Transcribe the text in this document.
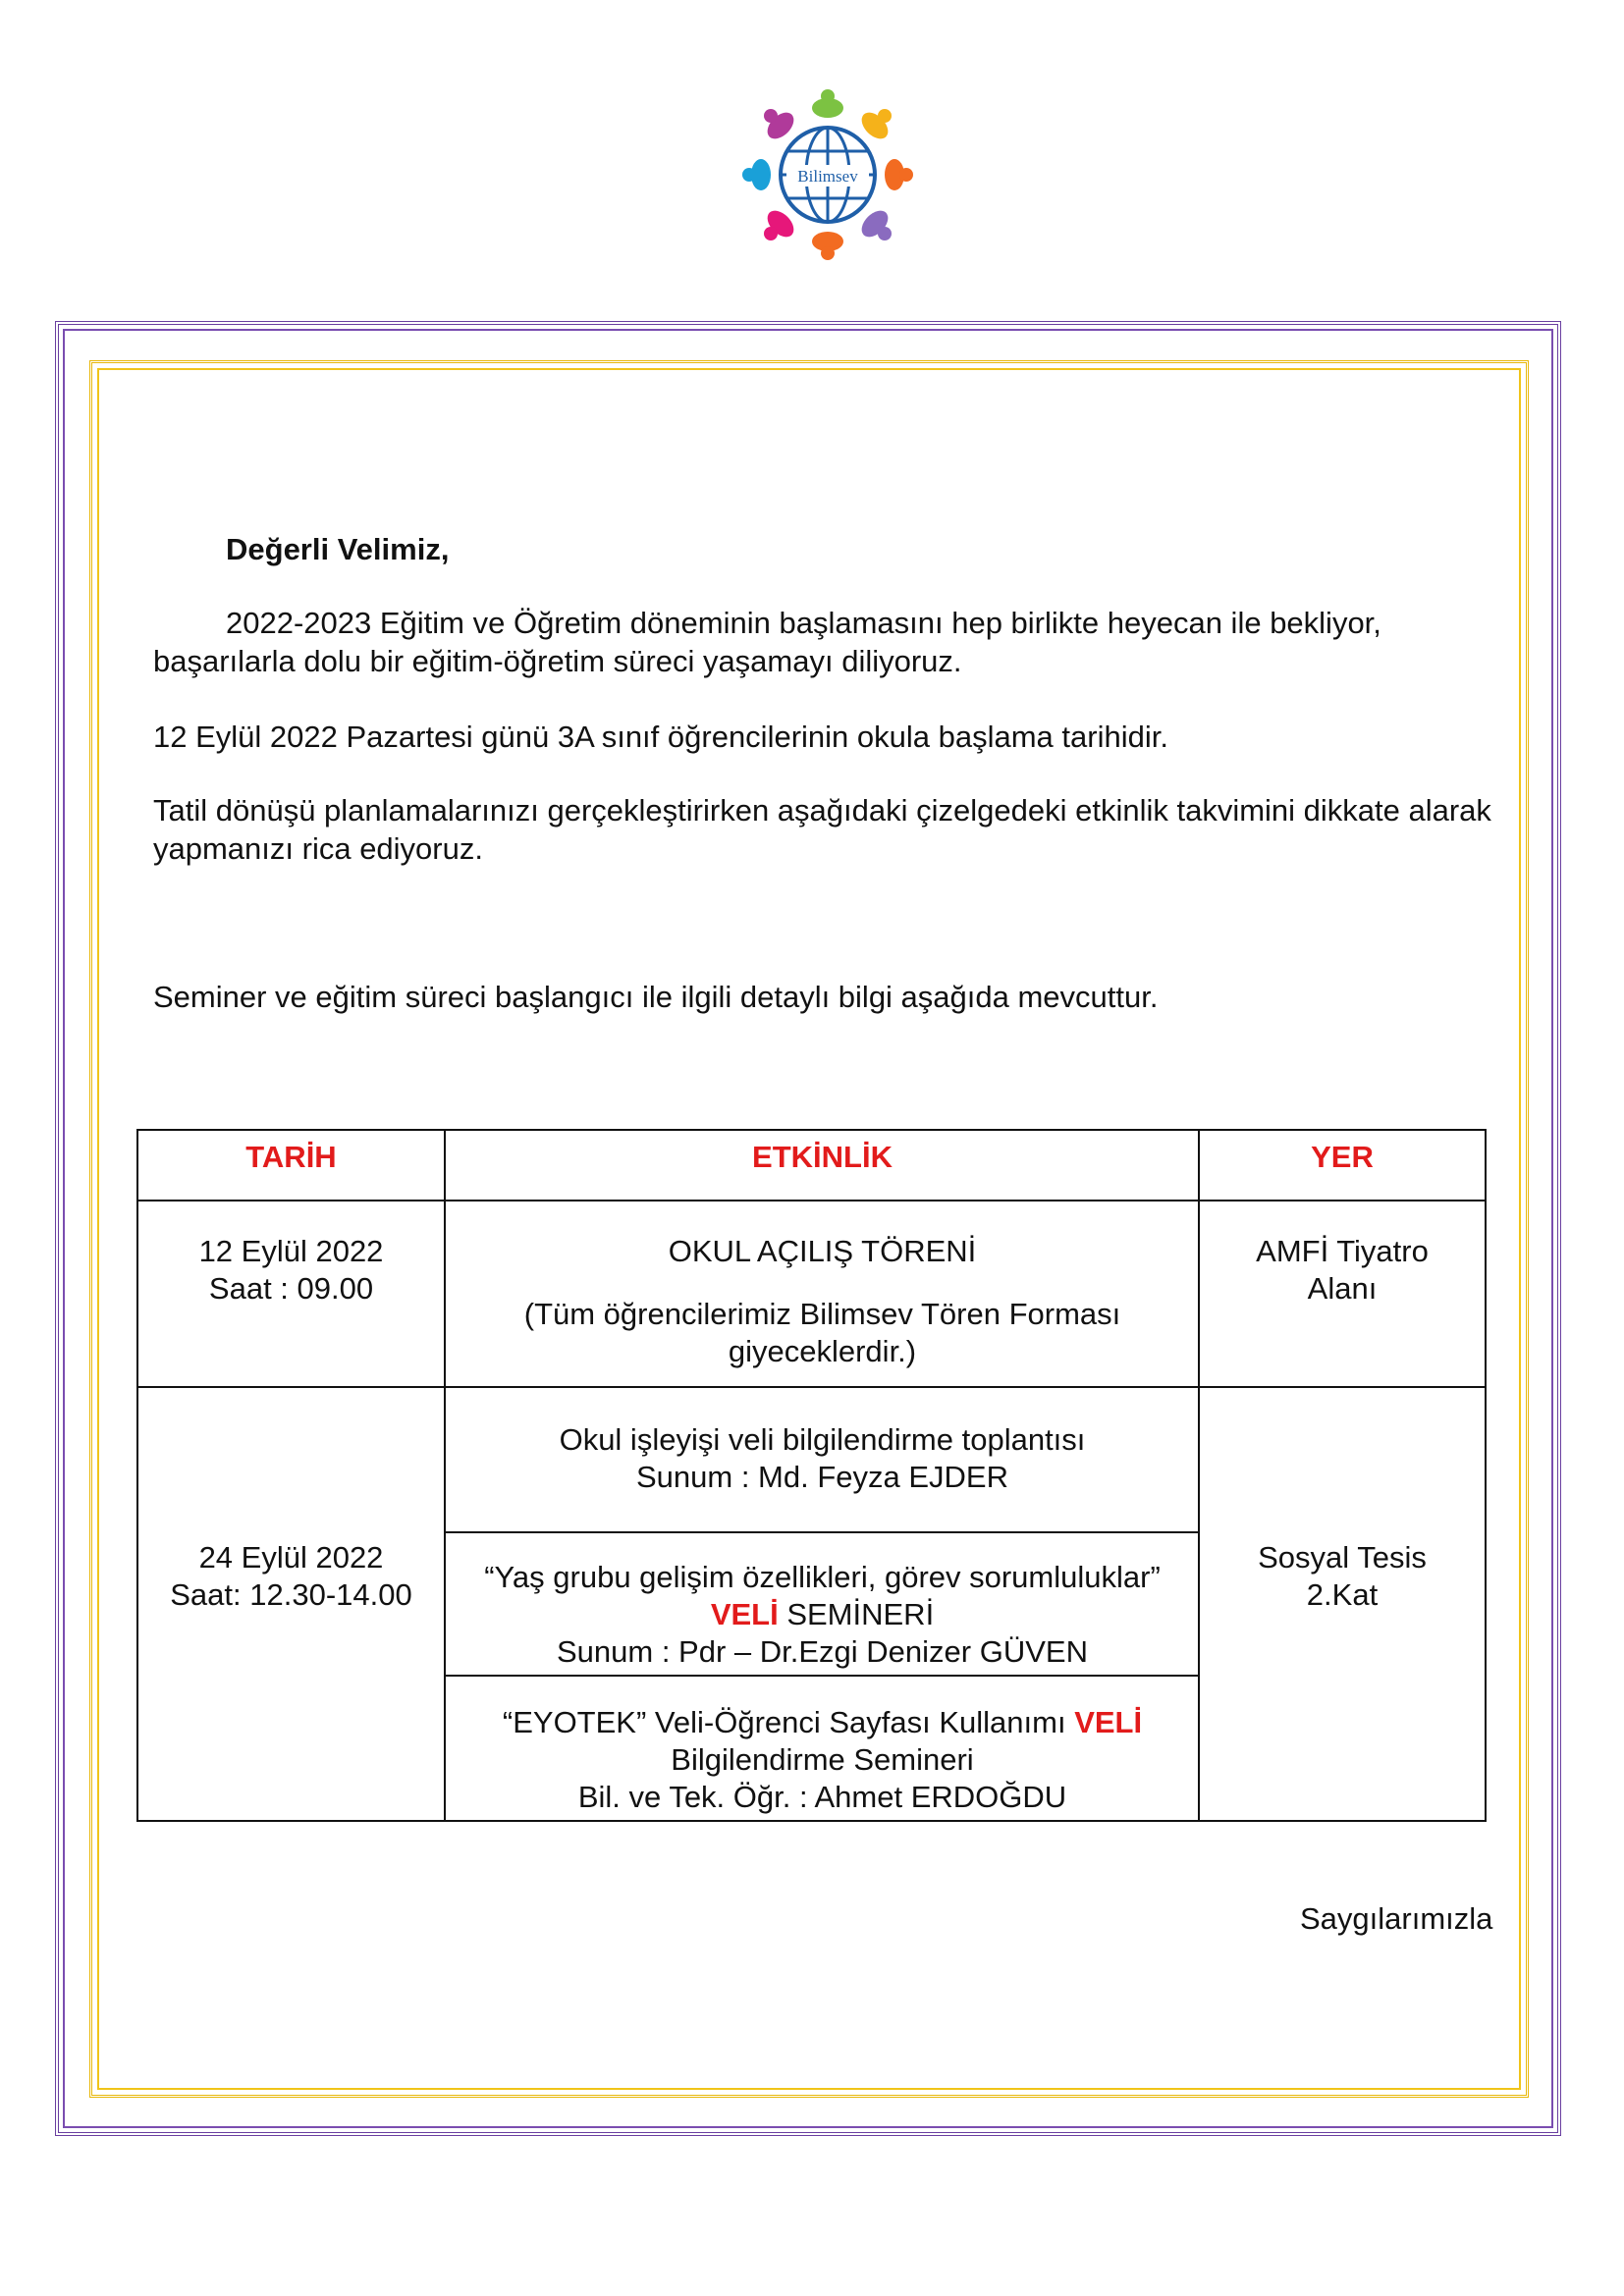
Bilimsev
Değerli Velimiz,
2022-2023 Eğitim ve Öğretim döneminin başlamasını hep birlikte heyecan ile bekliyor, başarılarla dolu bir eğitim-öğretim süreci yaşamayı diliyoruz.
12 Eylül 2022 Pazartesi günü 3A sınıf öğrencilerinin okula başlama tarihidir.
Tatil dönüşü planlamalarınızı gerçekleştirirken aşağıdaki çizelgedeki etkinlik takvimini dikkate alarak yapmanızı rica ediyoruz.
Seminer ve eğitim süreci başlangıcı ile ilgili detaylı bilgi aşağıda mevcuttur.
TARİH	ETKİNLİK	YER
12 Eylül 2022
Saat : 09.00
OKUL AÇILIŞ TÖRENİ
(Tüm öğrencilerimiz Bilimsev Tören Forması giyeceklerdir.)
AMFİ Tiyatro
Alanı
24 Eylül 2022
Saat: 12.30-14.00
Sosyal Tesis
2.Kat
Okul işleyişi veli bilgilendirme toplantısı
Sunum : Md. Feyza EJDER
“Yaş grubu gelişim özellikleri, görev sorumluluklar”
VELİ SEMİNERİ
Sunum : Pdr – Dr.Ezgi Denizer GÜVEN
“EYOTEK” Veli-Öğrenci Sayfası Kullanımı VELİ
Bilgilendirme Semineri
Bil. ve Tek. Öğr. : Ahmet ERDOĞDU
Saygılarımızla
